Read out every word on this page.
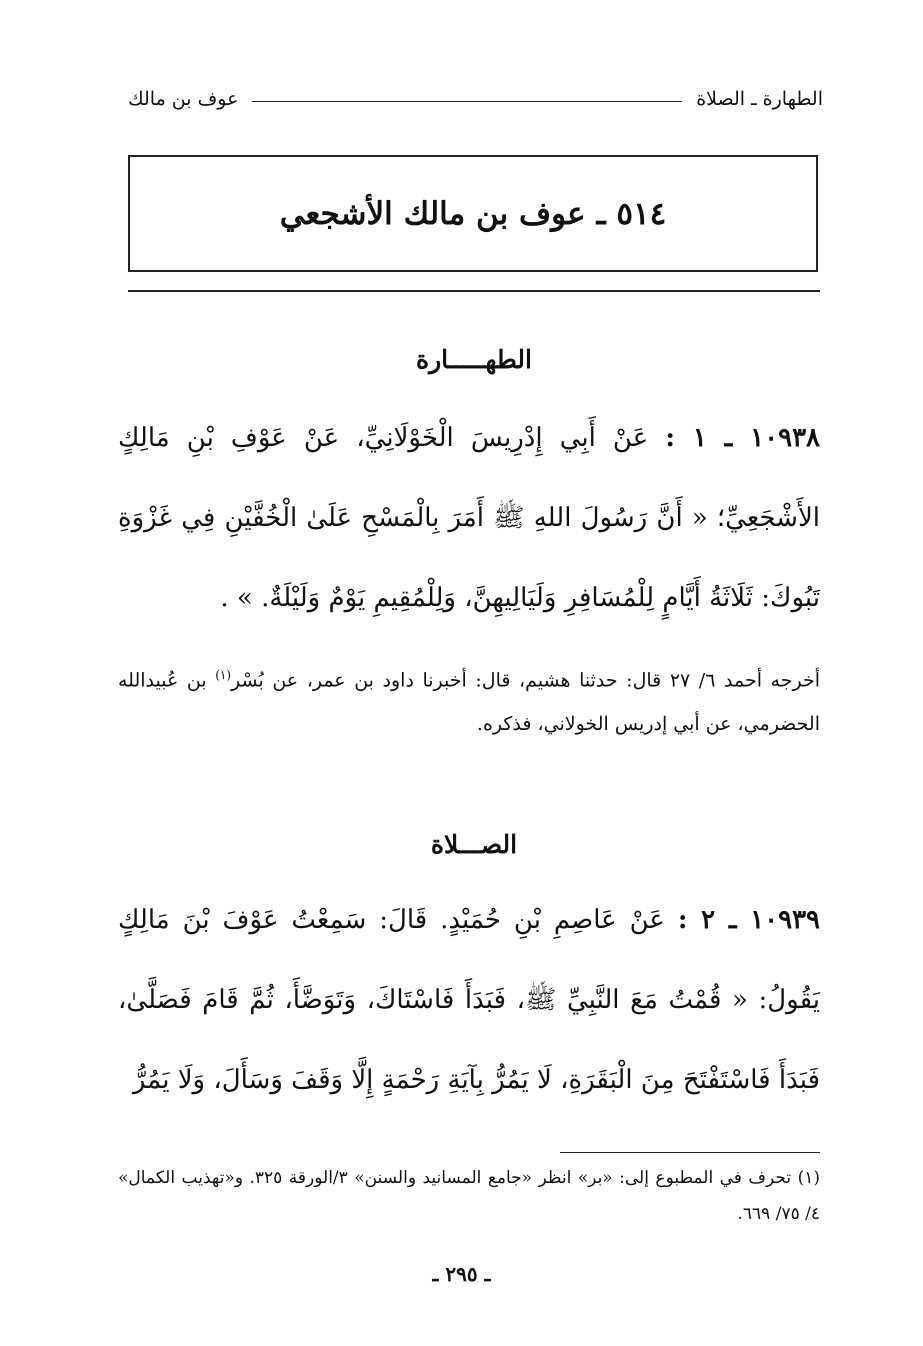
الطهارة ـ الصلاة
عوف بن مالك
٥١٤ ـ عوف بن مالك الأشجعي
الطهـــــارة

١٠٩٣٨ ـ ١ : عَنْ أَبِي إِدْرِيسَ الْخَوْلَانِيِّ، عَنْ عَوْفِ بْنِ مَالِكٍ الأَشْجَعِيِّ؛ « أَنَّ رَسُولَ اللهِ ﷺ أَمَرَ بِالْمَسْحِ عَلَىٰ الْخُفَّيْنِ فِي غَزْوَةِ تَبُوكَ: ثَلَاثَةُ أَيَّامٍ لِلْمُسَافِرِ وَلَيَالِيهِنَّ، وَلِلْمُقِيمِ يَوْمٌ وَلَيْلَةٌ. » .

أخرجه أحمد ٦/ ٢٧ قال: حدثنا هشيم، قال: أخبرنا داود بن عمر، عن بُسْر$^{(١)}$ بن عُبيدالله الحضرمي، عن أبي إدريس الخولاني، فذكره.

الصـــلاة

١٠٩٣٩ ـ ٢ : عَنْ عَاصِمِ بْنِ حُمَيْدٍ. قَالَ: سَمِعْتُ عَوْفَ بْنَ مَالِكٍ يَقُولُ: « قُمْتُ مَعَ النَّبِيِّ ﷺ، فَبَدَأَ فَاسْتَاكَ، وَتَوَضَّأَ، ثُمَّ قَامَ فَصَلَّىٰ، فَبَدَأَ فَاسْتَفْتَحَ مِنَ الْبَقَرَةِ، لَا يَمُرُّ بِآيَةِ رَحْمَةٍ إِلَّا وَقَفَ وَسَأَلَ، وَلَا يَمُرُّ

(١) تحرف في المطبوع إلى: «بر» انظر «جامع المسانيد والسنن» ٣/الورقة ٣٢٥. و«تهذيب الكمال» ٤/ ٧٥/ ٦٦٩.

ـ ٢٩٥ ـ
